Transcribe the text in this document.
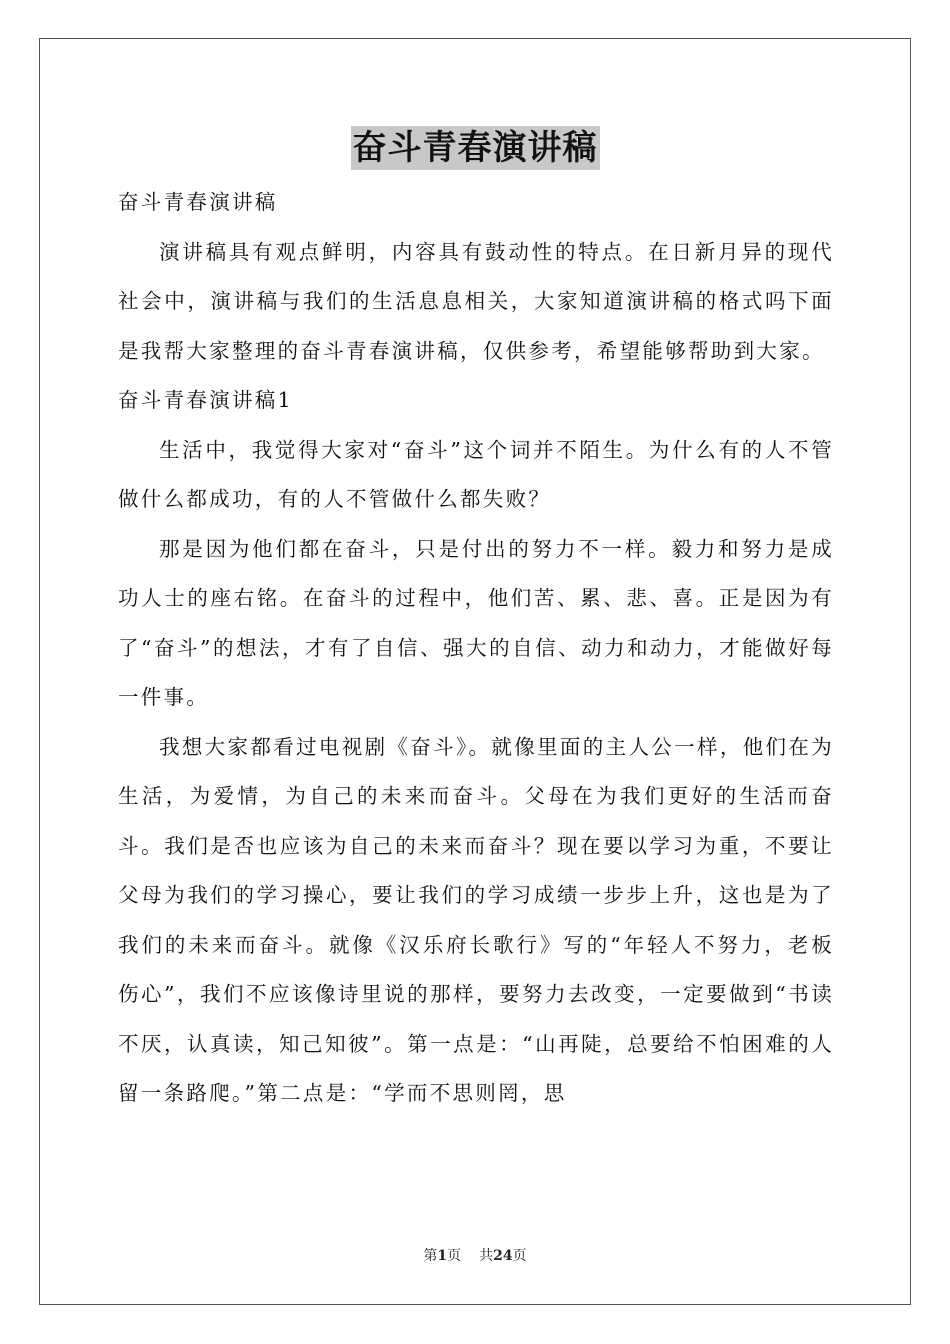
奋斗青春演讲稿

奋斗青春演讲稿

演讲稿具有观点鲜明，内容具有鼓动性的特点。在日新月异的现代社会中，演讲稿与我们的生活息息相关，大家知道演讲稿的格式吗下面是我帮大家整理的奋斗青春演讲稿，仅供参考，希望能够帮助到大家。

奋斗青春演讲稿1

生活中，我觉得大家对“奋斗”这个词并不陌生。为什么有的人不管做什么都成功，有的人不管做什么都失败？

那是因为他们都在奋斗，只是付出的努力不一样。毅力和努力是成功人士的座右铭。在奋斗的过程中，他们苦、累、悲、喜。正是因为有了“奋斗”的想法，才有了自信、强大的自信、动力和动力，才能做好每一件事。

我想大家都看过电视剧《奋斗》。就像里面的主人公一样，他们在为生活，为爱情，为自己的未来而奋斗。父母在为我们更好的生活而奋斗。我们是否也应该为自己的未来而奋斗？现在要以学习为重，不要让父母为我们的学习操心，要让我们的学习成绩一步步上升，这也是为了我们的未来而奋斗。就像《汉乐府长歌行》写的“年轻人不努力，老板伤心”，我们不应该像诗里说的那样，要努力去改变，一定要做到“书读不厌，认真读，知己知彼”。第一点是：“山再陡，总要给不怕困难的人留一条路爬。”第二点是：“学而不思则罔，思

第1页 共24页
